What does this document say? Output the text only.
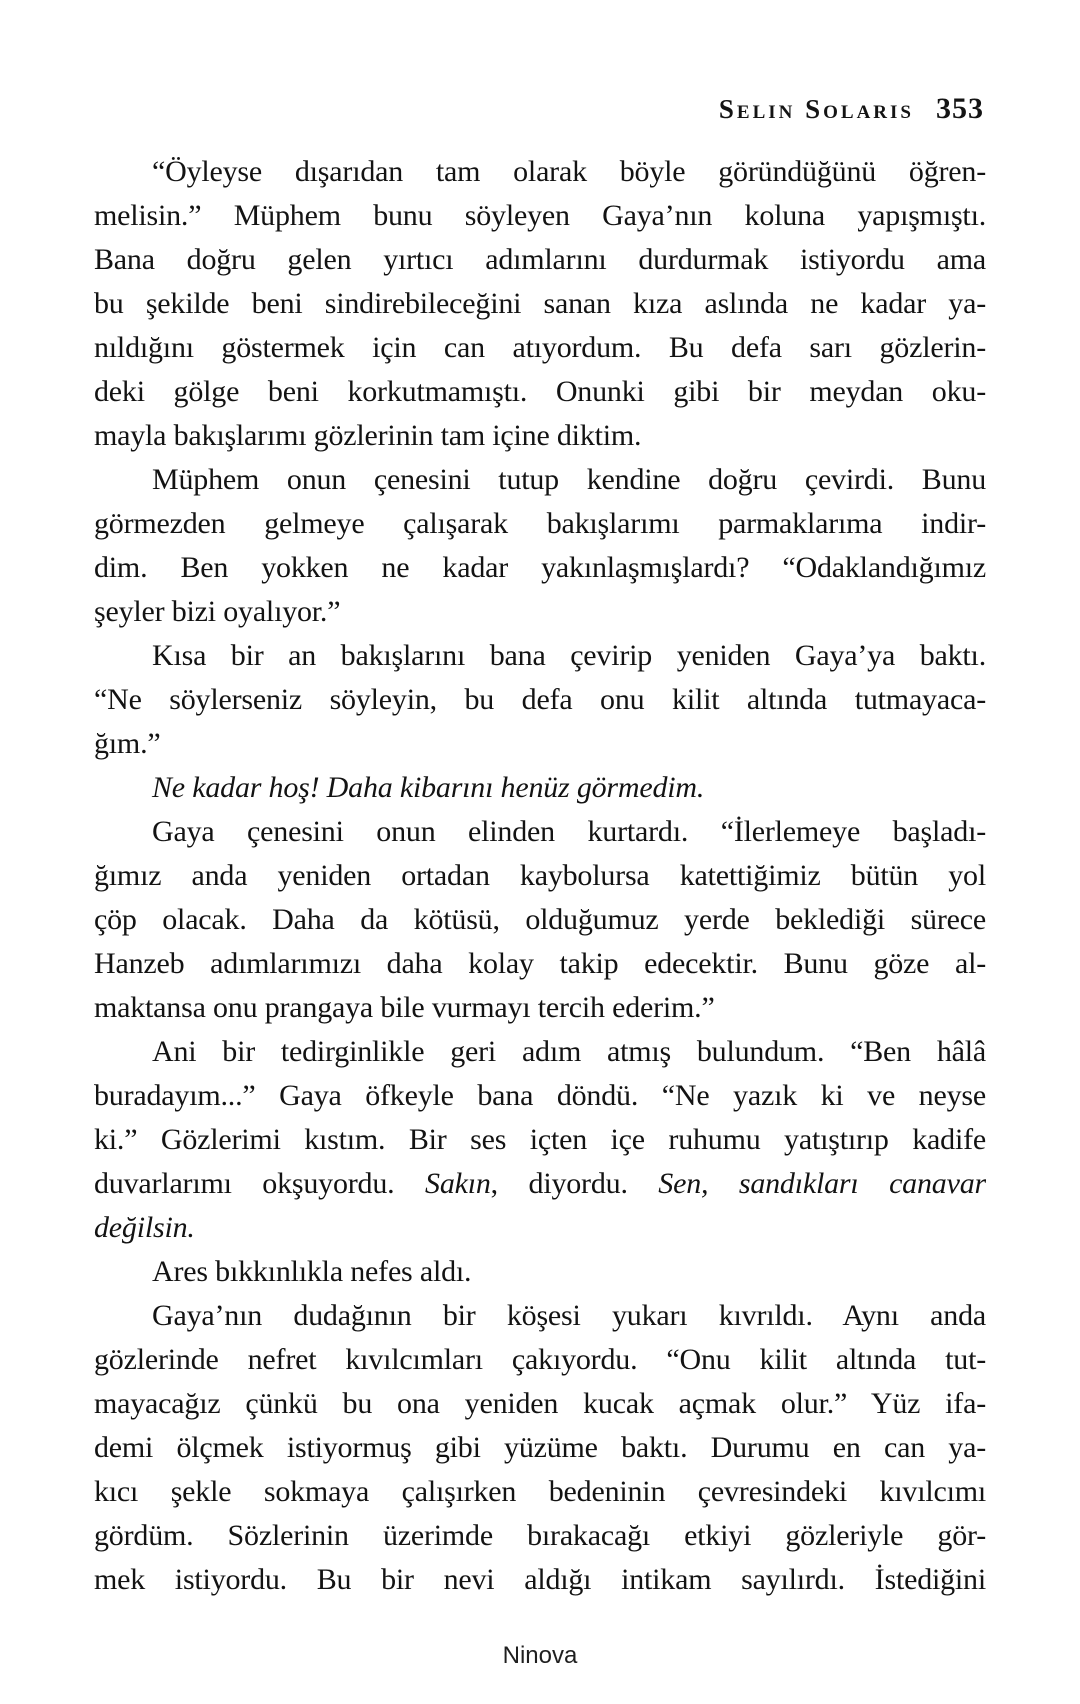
Selin Solaris 353
“Öyleyse dışarıdan tam olarak böyle göründüğünü öğren-
melisin.” Müphem bunu söyleyen Gaya’nın koluna yapışmıştı.
Bana doğru gelen yırtıcı adımlarını durdurmak istiyordu ama
bu şekilde beni sindirebileceğini sanan kıza aslında ne kadar ya-
nıldığını göstermek için can atıyordum. Bu defa sarı gözlerin-
deki gölge beni korkutmamıştı. Onunki gibi bir meydan oku-
mayla bakışlarımı gözlerinin tam içine diktim.
Müphem onun çenesini tutup kendine doğru çevirdi. Bunu
görmezden gelmeye çalışarak bakışlarımı parmaklarıma indir-
dim. Ben yokken ne kadar yakınlaşmışlardı? “Odaklandığımız
şeyler bizi oyalıyor.”
Kısa bir an bakışlarını bana çevirip yeniden Gaya’ya baktı.
“Ne söylerseniz söyleyin, bu defa onu kilit altında tutmayaca-
ğım.”
Ne kadar hoş! Daha kibarını henüz görmedim.
Gaya çenesini onun elinden kurtardı. “İlerlemeye başladı-
ğımız anda yeniden ortadan kaybolursa katettiğimiz bütün yol
çöp olacak. Daha da kötüsü, olduğumuz yerde beklediği sürece
Hanzeb adımlarımızı daha kolay takip edecektir. Bunu göze al-
maktansa onu prangaya bile vurmayı tercih ederim.”
Ani bir tedirginlikle geri adım atmış bulundum. “Ben hâlâ
buradayım...” Gaya öfkeyle bana döndü. “Ne yazık ki ve neyse
ki.” Gözlerimi kıstım. Bir ses içten içe ruhumu yatıştırıp kadife
duvarlarımı okşuyordu. Sakın, diyordu. Sen, sandıkları canavar
değilsin.
Ares bıkkınlıkla nefes aldı.
Gaya’nın dudağının bir köşesi yukarı kıvrıldı. Aynı anda
gözlerinde nefret kıvılcımları çakıyordu. “Onu kilit altında tut-
mayacağız çünkü bu ona yeniden kucak açmak olur.” Yüz ifa-
demi ölçmek istiyormuş gibi yüzüme baktı. Durumu en can ya-
kıcı şekle sokmaya çalışırken bedeninin çevresindeki kıvılcımı
gördüm. Sözlerinin üzerimde bırakacağı etkiyi gözleriyle gör-
mek istiyordu. Bu bir nevi aldığı intikam sayılırdı. İstediğini
Ninova
